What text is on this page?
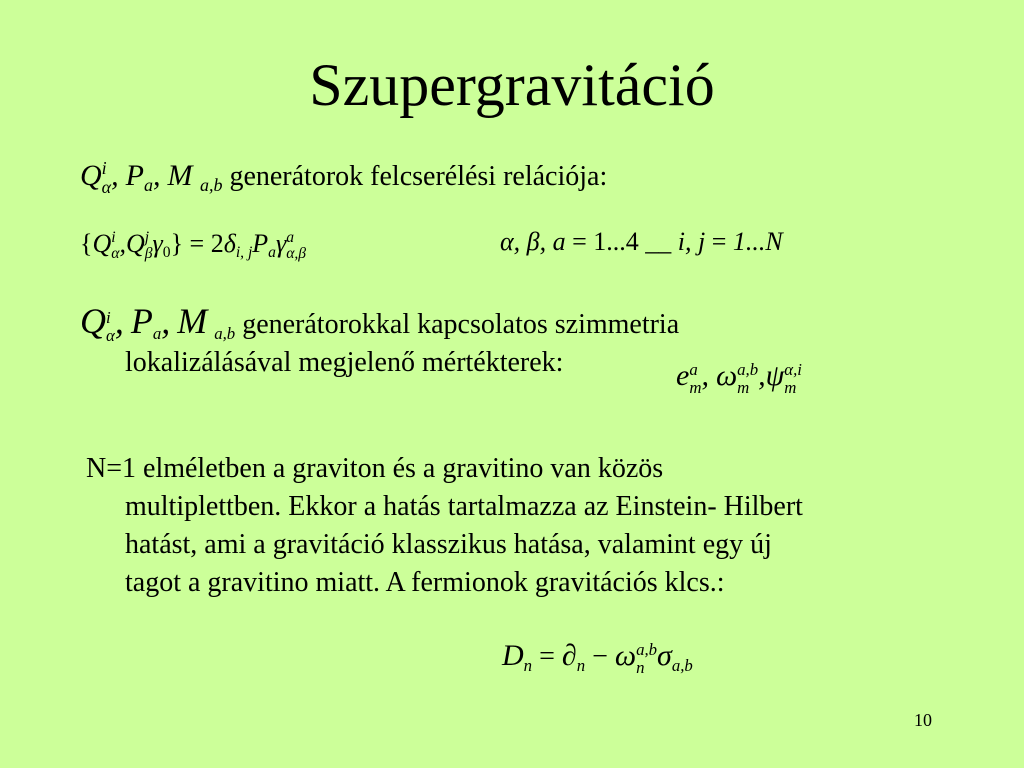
Szupergravitáció
Q i
α , $P_a$, M $_{a,b}$ generátorok felcserélési relációja:
{Q i
α ,Q j
β $\gamma_0\} = 2\delta_{i, j}P_a\gamma$ a
α,β	α, β, a = 1...4 __ i, j = 1...N
Q i
α , $P_a$, M $_{a,b}$ generátorokkal kapcsolatos szimmetria
lokalizálásával megjelenő mértékterek:	e a
m , ω a,b
m ,ψ α,i
m
N=1 elméletben a graviton és a gravitino van közös
multiplettben. Ekkor a hatás tartalmazza az Einstein- Hilbert
hatást, ami a gravitáció klasszikus hatása, valamint egy új
tagot a gravitino miatt. A fermionok gravitációs klcs.:
$D_n = \partial_n - \omega$ a,b
n $\sigma_{a,b}$
10
